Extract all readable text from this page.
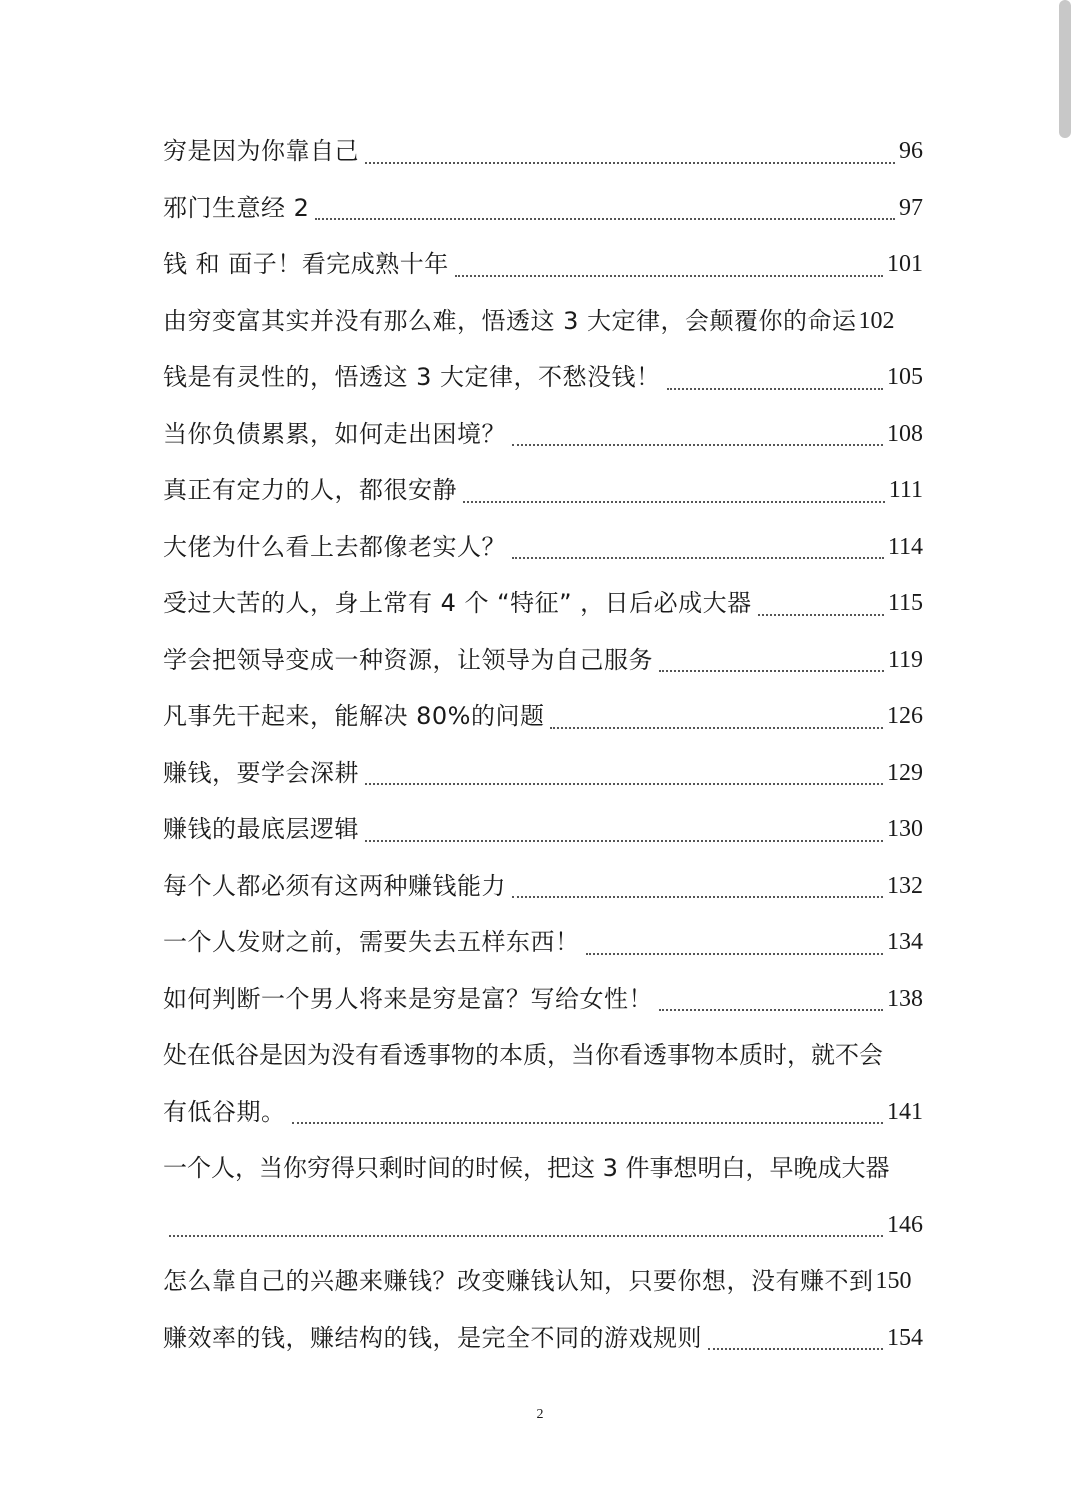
穷是因为你靠自己	96
邪门生意经 2	97
钱 和 面子！看完成熟十年	101
由穷变富其实并没有那么难，悟透这 3 大定律，会颠覆你的命运 102
钱是有灵性的，悟透这 3 大定律，不愁没钱！	105
当你负债累累，如何走出困境？	108
真正有定力的人，都很安静	111
大佬为什么看上去都像老实人？	114
受过大苦的人，身上常有 4 个 “特征” ，日后必成大器	115
学会把领导变成一种资源，让领导为自己服务	119
凡事先干起来，能解决 80%的问题	126
赚钱，要学会深耕	129
赚钱的最底层逻辑	130
每个人都必须有这两种赚钱能力	132
一个人发财之前，需要失去五样东西！	134
如何判断一个男人将来是穷是富？写给女性！	138
处在低谷是因为没有看透事物的本质，当你看透事物本质时，就不会
有低谷期。	141
一个人，当你穷得只剩时间的时候，把这 3 件事想明白，早晚成大器
146
怎么靠自己的兴趣来赚钱？改变赚钱认知，只要你想，没有赚不到 150
赚效率的钱，赚结构的钱，是完全不同的游戏规则	154
2
